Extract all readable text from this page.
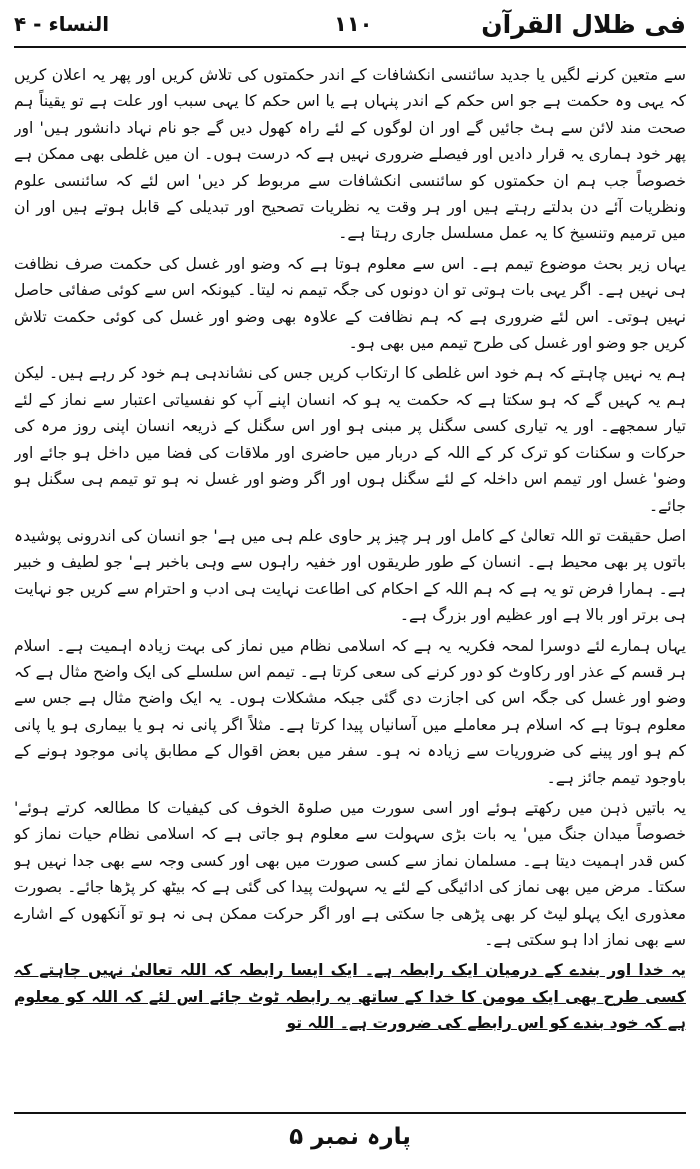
فی ظلال القرآن
۱۱۰
النساء - ۴

سے متعین کرنے لگیں یا جدید سائنسی انکشافات کے اندر حکمتوں کی تلاش کریں اور پھر یہ اعلان کریں کہ یہی وہ حکمت ہے جو اس حکم کے اندر پنہاں ہے یا اس حکم کا یہی سبب اور علت ہے تو یقیناً ہم صحت مند لائن سے ہٹ جائیں گے اور ان لوگوں کے لئے راہ کھول دیں گے جو نام نہاد دانشور ہیں' اور پھر خود ہماری یہ قرار دادیں اور فیصلے ضروری نہیں ہے کہ درست ہوں۔ ان میں غلطی بھی ممکن ہے خصوصاً جب ہم ان حکمتوں کو سائنسی انکشافات سے مربوط کر دیں' اس لئے کہ سائنسی علوم ونظریات آئے دن بدلتے رہتے ہیں اور ہر وقت یہ نظریات تصحیح اور تبدیلی کے قابل ہوتے ہیں اور ان میں ترمیم وتنسیخ کا یہ عمل مسلسل جاری رہتا ہے۔

یہاں زیر بحث موضوع تیمم ہے۔ اس سے معلوم ہوتا ہے کہ وضو اور غسل کی حکمت صرف نظافت ہی نہیں ہے۔ اگر یہی بات ہوتی تو ان دونوں کی جگہ تیمم نہ لیتا۔ کیونکہ اس سے کوئی صفائی حاصل نہیں ہوتی۔ اس لئے ضروری ہے کہ ہم نظافت کے علاوہ بھی وضو اور غسل کی کوئی حکمت تلاش کریں جو وضو اور غسل کی طرح تیمم میں بھی ہو۔

ہم یہ نہیں چاہتے کہ ہم خود اس غلطی کا ارتکاب کریں جس کی نشاندہی ہم خود کر رہے ہیں۔ لیکن ہم یہ کہیں گے کہ ہو سکتا ہے کہ حکمت یہ ہو کہ انسان اپنے آپ کو نفسیاتی اعتبار سے نماز کے لئے تیار سمجھے۔ اور یہ تیاری کسی سگنل پر مبنی ہو اور اس سگنل کے ذریعہ انسان اپنی روز مرہ کی حرکات و سکنات کو ترک کر کے اللہ کے دربار میں حاضری اور ملاقات کی فضا میں داخل ہو جائے اور وضو' غسل اور تیمم اس داخلہ کے لئے سگنل ہوں اور اگر وضو اور غسل نہ ہو تو تیمم ہی سگنل ہو جائے۔

اصل حقیقت تو اللہ تعالیٰ کے کامل اور ہر چیز پر حاوی علم ہی میں ہے' جو انسان کی اندرونی پوشیدہ باتوں پر بھی محیط ہے۔ انسان کے طور طریقوں اور خفیہ راہوں سے وہی باخبر ہے' جو لطیف و خبیر ہے۔ ہمارا فرض تو یہ ہے کہ ہم اللہ کے احکام کی اطاعت نہایت ہی ادب و احترام سے کریں جو نہایت ہی برتر اور بالا ہے اور عظیم اور بزرگ ہے۔

یہاں ہمارے لئے دوسرا لمحہ فکریہ یہ ہے کہ اسلامی نظام میں نماز کی بہت زیادہ اہمیت ہے۔ اسلام ہر قسم کے عذر اور رکاوٹ کو دور کرنے کی سعی کرتا ہے۔ تیمم اس سلسلے کی ایک واضح مثال ہے کہ وضو اور غسل کی جگہ اس کی اجازت دی گئی جبکہ مشکلات ہوں۔ یہ ایک واضح مثال ہے جس سے معلوم ہوتا ہے کہ اسلام ہر معاملے میں آسانیاں پیدا کرتا ہے۔ مثلاً اگر پانی نہ ہو یا بیماری ہو یا پانی کم ہو اور پینے کی ضروریات سے زیادہ نہ ہو۔ سفر میں بعض اقوال کے مطابق پانی موجود ہونے کے باوجود تیمم جائز ہے۔

یہ باتیں ذہن میں رکھتے ہوئے اور اسی سورت میں صلوۃ الخوف کی کیفیات کا مطالعہ کرتے ہوئے' خصوصاً میدان جنگ میں' یہ بات بڑی سہولت سے معلوم ہو جاتی ہے کہ اسلامی نظام حیات نماز کو کس قدر اہمیت دیتا ہے۔ مسلمان نماز سے کسی صورت میں بھی اور کسی وجہ سے بھی جدا نہیں ہو سکتا۔ مرض میں بھی نماز کی ادائیگی کے لئے یہ سہولت پیدا کی گئی ہے کہ بیٹھ کر پڑھا جائے۔ بصورت معذوری ایک پہلو لیٹ کر بھی پڑھی جا سکتی ہے اور اگر حرکت ممکن ہی نہ ہو تو آنکھوں کے اشارے سے بھی نماز ادا ہو سکتی ہے۔

یہ خدا اور بندے کے درمیان ایک رابطہ ہے۔ ایک ایسا رابطہ کہ اللہ تعالیٰ نہیں چاہتے کہ کسی طرح بھی ایک مومن کا خدا کے ساتھ یہ رابطہ ٹوٹ جائے اس لئے کہ اللہ کو معلوم ہے کہ خود بندے کو اس رابطے کی ضرورت ہے۔ اللہ تو

پارہ نمبر ۵
